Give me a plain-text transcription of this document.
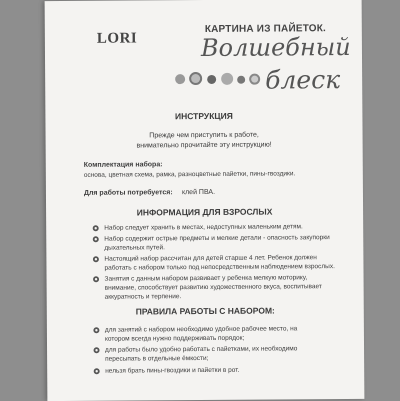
LORI
КАРТИНА ИЗ ПАЙЕТОК.
Волшебный
блеск
ИНСТРУКЦИЯ
Прежде чем приступить к работе,
внимательно прочитайте эту инструкцию!
Комплектация набора:
основа, цветная схема, рамка, разноцветные пайетки, пины-гвоздики.
Для работы потребуется: клей ПВА.
ИНФОРМАЦИЯ ДЛЯ ВЗРОСЛЫХ
Набор следует хранить в местах, недоступных маленьким детям.
Набор содержит острые предметы и мелкие детали - опасность закупорки
дыхательных путей.
Настоящий набор рассчитан для детей старше 4 лет. Ребенок должен
работать с набором только под непосредственным наблюдением взрослых.
Занятия с данным набором развивает у ребенка мелкую моторику,
внимание, способствует развитию художественного вкуса, воспитывает
аккуратность и терпение.
ПРАВИЛА РАБОТЫ С НАБОРОМ:
для занятий с набором необходимо удобное рабочее место, на
котором всегда нужно поддерживать порядок;
для работы было удобно работать с пайетками, их необходимо
пересыпать в отдельные ёмкости;
нельзя брать пины-гвоздики и пайетки в рот.
